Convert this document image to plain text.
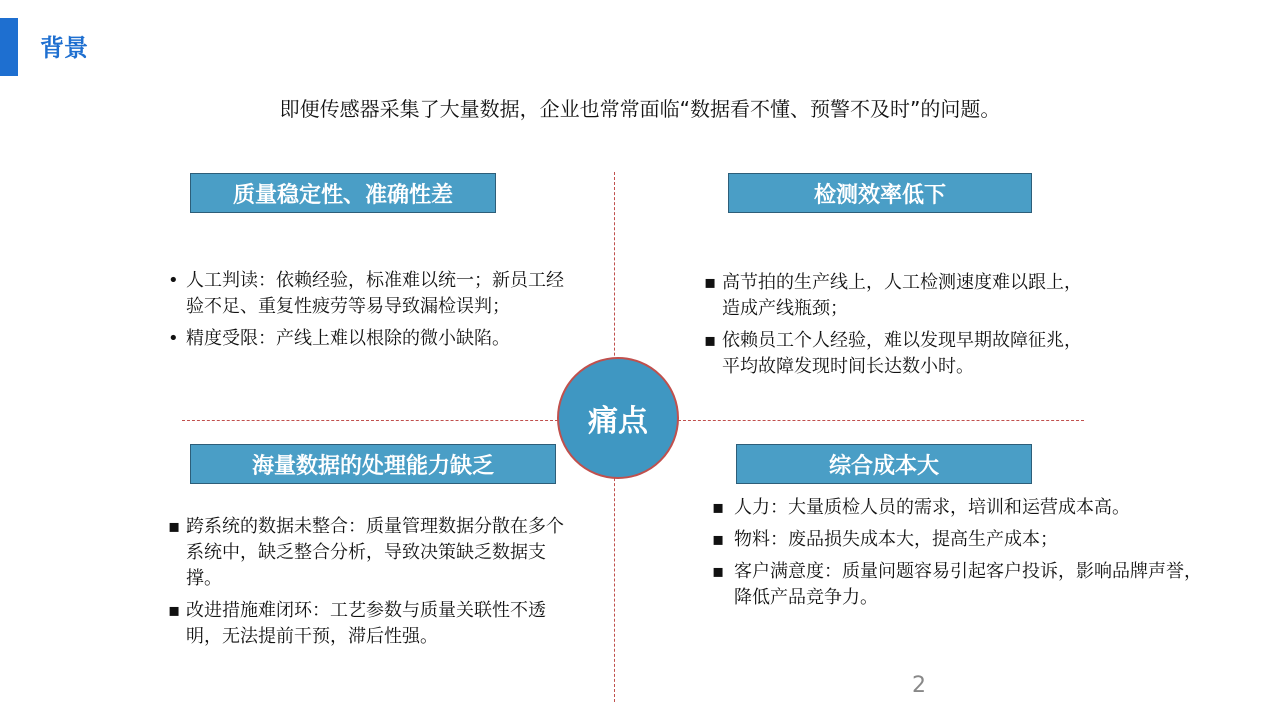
背景
即便传感器采集了大量数据，企业也常常面临“数据看不懂、预警不及时”的问题。
质量稳定性、准确性差	检测效率低下
海量数据的处理能力缺乏	综合成本大
痛点
• 人工判读：依赖经验，标准难以统一；新员工经验不足、重复性疲劳等易导致漏检误判；
• 精度受限：产线上难以根除的微小缺陷。
▪ 高节拍的生产线上，人工检测速度难以跟上，造成产线瓶颈；
▪ 依赖员工个人经验，难以发现早期故障征兆，平均故障发现时间长达数小时。
▪ 跨系统的数据未整合：质量管理数据分散在多个系统中，缺乏整合分析，导致决策缺乏数据支撑。
▪ 改进措施难闭环：工艺参数与质量关联性不透明，无法提前干预，滞后性强。
▪ 人力：大量质检人员的需求，培训和运营成本高。
▪ 物料：废品损失成本大，提高生产成本；
▪ 客户满意度：质量问题容易引起客户投诉，影响品牌声誉，降低产品竞争力。
2
